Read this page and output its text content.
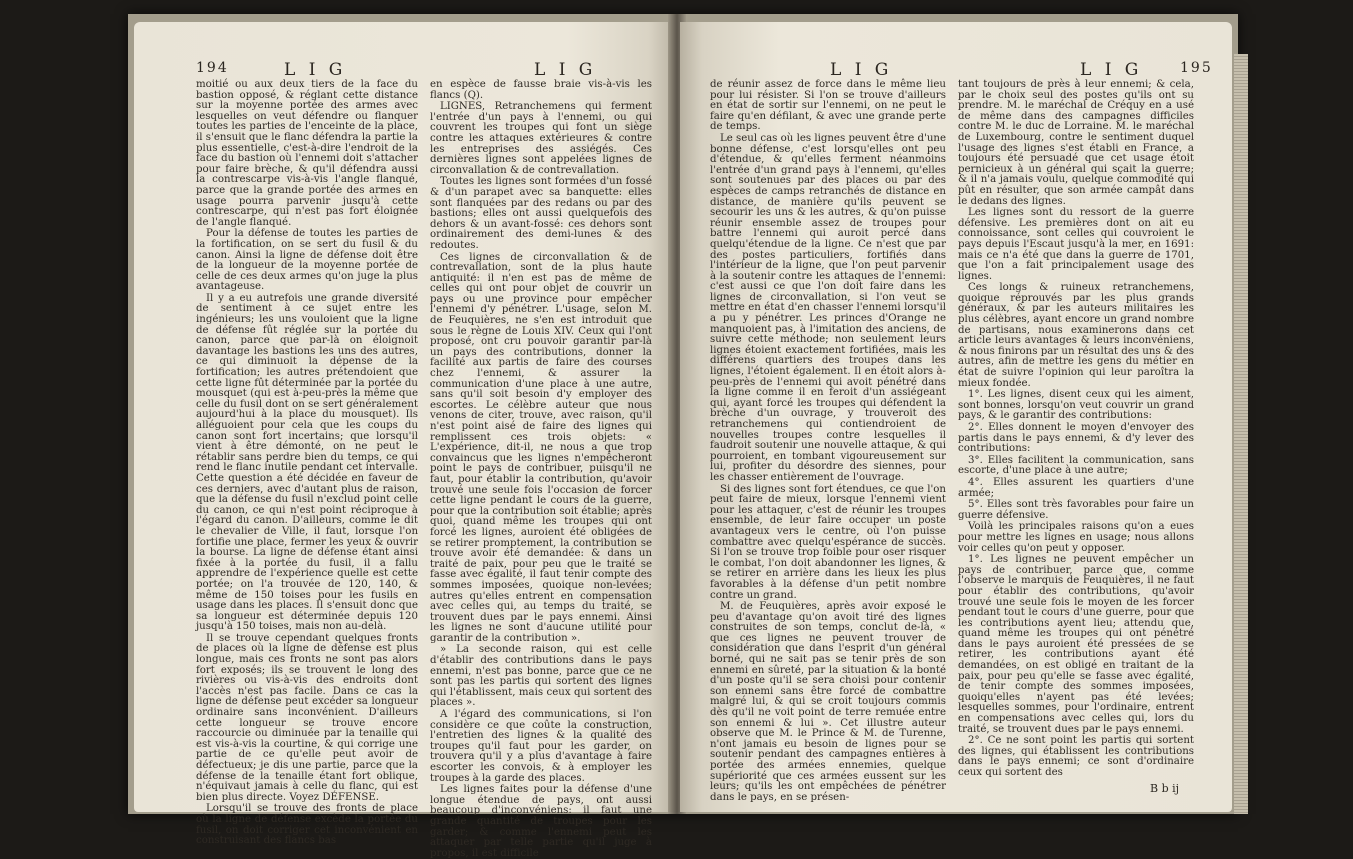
194	L I G	L I G

moitié ou aux deux tiers de la face du bastion opposé, & réglant cette distance sur la moyenne portée des armes avec lesquelles on veut défendre ou flanquer toutes les parties de l'enceinte de la place, il s'ensuit que le flanc défendra la partie la plus essentielle, c'est-à-dire l'endroit de la face du bastion où l'ennemi doit s'attacher pour faire brèche, & qu'il défendra aussi la contrescarpe vis-à-vis l'angle flanqué, parce que la grande portée des armes en usage pourra parvenir jusqu'à cette contrescarpe, qui n'est pas fort éloignée de l'angle flanqué.

Pour la défense de toutes les parties de la fortification, on se sert du fusil & du canon. Ainsi la ligne de défense doit être de la longueur de la moyenne portée de celle de ces deux armes qu'on juge la plus avantageuse.

Il y a eu autrefois une grande diversité de sentiment à ce sujet entre les ingénieurs; les uns vouloient que la ligne de défense fût réglée sur la portée du canon, parce que par-là on éloignoit davantage les bastions les uns des autres, ce qui diminuoit la dépense de la fortification; les autres prétendoient que cette ligne fût déterminée par la portée du mousquet (qui est à-peu-près la même que celle du fusil dont on se sert généralement aujourd'hui à la place du mousquet). Ils alléguoient pour cela que les coups du canon sont fort incertains; que lorsqu'il vient à être démonté, on ne peut le rétablir sans perdre bien du temps, ce qui rend le flanc inutile pendant cet intervalle. Cette question a été décidée en faveur de ces derniers, avec d'autant plus de raison, que la défense du fusil n'exclud point celle du canon, ce qui n'est point réciproque à l'égard du canon. D'ailleurs, comme le dit le chevalier de Ville, il faut, lorsque l'on fortifie une place, fermer les yeux & ouvrir la bourse. La ligne de défense étant ainsi fixée à la portée du fusil, il a fallu apprendre de l'expérience quelle est cette portée; on l'a trouvée de 120, 140, & même de 150 toises pour les fusils en usage dans les places. Il s'ensuit donc que sa longueur est déterminée depuis 120 jusqu'à 150 toises, mais non au-delà.

Il se trouve cependant quelques fronts de places où la ligne de défense est plus longue, mais ces fronts ne sont pas alors fort exposés; ils se trouvent le long des rivières ou vis-à-vis des endroits dont l'accès n'est pas facile. Dans ce cas la ligne de défense peut excéder sa longueur ordinaire sans inconvénient. D'ailleurs cette longueur se trouve encore raccourcie ou diminuée par la tenaille qui est vis-à-vis la courtine, & qui corrige une partie de ce qu'elle peut avoir de défectueux; je dis une partie, parce que la défense de la tenaille étant fort oblique, n'équivaut jamais à celle du flanc, qui est bien plus directe. Voyez DÉFENSE.

Lorsqu'il se trouve des fronts de place où la ligne de défense excède la portée du fusil, on doit corriger cet inconvénient en construisant des flancs bas

en espèce de fausse braie vis-à-vis les flancs (Q).

LIGNES, Retranchemens qui ferment l'entrée d'un pays à l'ennemi, ou qui couvrent les troupes qui font un siège contre les attaques extérieures & contre les entreprises des assiégés. Ces dernières lignes sont appelées lignes de circonvallation & de contrevallation.

Toutes les lignes sont formées d'un fossé & d'un parapet avec sa banquette: elles sont flanquées par des redans ou par des bastions; elles ont aussi quelquefois des dehors & un avant-fossé: ces dehors sont ordinairement des demi-lunes & des redoutes.

Ces lignes de circonvallation & de contrevallation, sont de la plus haute antiquité: il n'en est pas de même de celles qui ont pour objet de couvrir un pays ou une province pour empêcher l'ennemi d'y pénétrer. L'usage, selon M. de Feuquières, ne s'en est introduit que sous le règne de Louis XIV. Ceux qui l'ont proposé, ont cru pouvoir garantir par-là un pays des contributions, donner la facilité aux partis de faire des courses chez l'ennemi, & assurer la communication d'une place à une autre, sans qu'il soit besoin d'y employer des escortes. Le célèbre auteur que nous venons de citer, trouve, avec raison, qu'il n'est point aisé de faire des lignes qui remplissent ces trois objets: « L'expérience, dit-il, ne nous a que trop convaincus que les lignes n'empêcheront point le pays de contribuer, puisqu'il ne faut, pour établir la contribution, qu'avoir trouvé une seule fois l'occasion de forcer cette ligne pendant le cours de la guerre, pour que la contribution soit établie; après quoi, quand même les troupes qui ont forcé les lignes, auroient été obligées de se retirer promptement, la contribution se trouve avoir été demandée: & dans un traité de paix, pour peu que le traité se fasse avec égalité, il faut tenir compte des sommes imposées, quoique non-levées; autres qu'elles entrent en compensation avec celles qui, au temps du traité, se trouvent dues par le pays ennemi. Ainsi les lignes ne sont d'aucune utilité pour garantir de la contribution ».

» La seconde raison, qui est celle d'établir des contributions dans le pays ennemi, n'est pas bonne, parce que ce ne sont pas les partis qui sortent des lignes qui l'établissent, mais ceux qui sortent des places ».

A l'égard des communications, si l'on considère ce que coûte la construction, l'entretien des lignes & la qualité des troupes qu'il faut pour les garder, on trouvera qu'il y a plus d'avantage à faire escorter les convois, & à employer les troupes à la garde des places.

Les lignes faites pour la défense d'une longue étendue de pays, ont aussi beaucoup d'inconvéniens: il faut une grande quantité de troupes pour les garder; & comme l'ennemi peut les attaquer par telle partie qu'il juge à propos, il est difficile

L I G	L I G	195

de réunir assez de force dans le même lieu pour lui résister. Si l'on se trouve d'ailleurs en état de sortir sur l'ennemi, on ne peut le faire qu'en défilant, & avec une grande perte de temps.

Le seul cas où les lignes peuvent être d'une bonne défense, c'est lorsqu'elles ont peu d'étendue, & qu'elles ferment néanmoins l'entrée d'un grand pays à l'ennemi, qu'elles sont soutenues par des places ou par des espèces de camps retranchés de distance en distance, de manière qu'ils peuvent se secourir les uns & les autres, & qu'on puisse réunir ensemble assez de troupes pour battre l'ennemi qui auroit percé dans quelqu'étendue de la ligne. Ce n'est que par des postes particuliers, fortifiés dans l'intérieur de la ligne, que l'on peut parvenir à la soutenir contre les attaques de l'ennemi: c'est aussi ce que l'on doit faire dans les lignes de circonvallation, si l'on veut se mettre en état d'en chasser l'ennemi lorsqu'il a pu y pénétrer. Les princes d'Orange ne manquoient pas, à l'imitation des anciens, de suivre cette méthode; non seulement leurs lignes étoient exactement fortifiées, mais les différens quartiers des troupes dans les lignes, l'étoient également. Il en étoit alors à-peu-près de l'ennemi qui avoit pénétré dans la ligne comme il en feroit d'un assiégeant qui, ayant forcé les troupes qui défendent la brèche d'un ouvrage, y trouveroit des retranchemens qui contiendroient de nouvelles troupes contre lesquelles il faudroit soutenir une nouvelle attaque, & qui pourroient, en tombant vigoureusement sur lui, profiter du désordre des siennes, pour les chasser entièrement de l'ouvrage.

Si des lignes sont fort étendues, ce que l'on peut faire de mieux, lorsque l'ennemi vient pour les attaquer, c'est de réunir les troupes ensemble, de leur faire occuper un poste avantageux vers le centre, où l'on puisse combattre avec quelqu'espérance de succès. Si l'on se trouve trop foible pour oser risquer le combat, l'on doit abandonner les lignes, & se retirer en arrière dans les lieux les plus favorables à la défense d'un petit nombre contre un grand.

M. de Feuquières, après avoir exposé le peu d'avantage qu'on avoit tiré des lignes construites de son temps, conclut de-là, « que ces lignes ne peuvent trouver de considération que dans l'esprit d'un général borné, qui ne sait pas se tenir près de son ennemi en sûreté, par la situation & la bonté d'un poste qu'il se sera choisi pour contenir son ennemi sans être forcé de combattre malgré lui, & qui se croit toujours commis dès qu'il ne voit point de terre remuée entre son ennemi & lui ». Cet illustre auteur observe que M. le Prince & M. de Turenne, n'ont jamais eu besoin de lignes pour se soutenir pendant des campagnes entières à portée des armées ennemies, quelque supériorité que ces armées eussent sur les leurs; qu'ils les ont empêchées de pénétrer dans le pays, en se présen-

tant toujours de près à leur ennemi; & cela, par le choix seul des postes qu'ils ont su prendre. M. le maréchal de Créquy en a usé de même dans des campagnes difficiles contre M. le duc de Lorraine. M. le maréchal de Luxembourg, contre le sentiment duquel l'usage des lignes s'est établi en France, a toujours été persuadé que cet usage étoit pernicieux à un général qui sçait la guerre; & il n'a jamais voulu, quelque commodité qui pût en résulter, que son armée campât dans le dedans des lignes.

Les lignes sont du ressort de la guerre défensive. Les premières dont on ait eu connoissance, sont celles qui couvroient le pays depuis l'Escaut jusqu'à la mer, en 1691: mais ce n'a été que dans la guerre de 1701, que l'on a fait principalement usage des lignes.

Ces longs & ruineux retranchemens, quoique réprouvés par les plus grands généraux, & par les auteurs militaires les plus célèbres, ayant encore un grand nombre de partisans, nous examinerons dans cet article leurs avantages & leurs inconvéniens, & nous finirons par un résultat des uns & des autres, afin de mettre les gens du métier en état de suivre l'opinion qui leur paroîtra la mieux fondée.

1°. Les lignes, disent ceux qui les aiment, sont bonnes, lorsqu'on veut couvrir un grand pays, & le garantir des contributions:

2°. Elles donnent le moyen d'envoyer des partis dans le pays ennemi, & d'y lever des contributions:

3°. Elles facilitent la communication, sans escorte, d'une place à une autre;

4°. Elles assurent les quartiers d'une armée;

5°. Elles sont très favorables pour faire un guerre défensive.

Voilà les principales raisons qu'on a eues pour mettre les lignes en usage; nous allons voir celles qu'on peut y opposer.

1°. Les lignes ne peuvent empêcher un pays de contribuer, parce que, comme l'observe le marquis de Feuquières, il ne faut pour établir des contributions, qu'avoir trouvé une seule fois le moyen de les forcer pendant tout le cours d'une guerre, pour que les contributions ayent lieu; attendu que, quand même les troupes qui ont pénétré dans le pays auroient été pressées de se retirer, les contributions ayant été demandées, on est obligé en traitant de la paix, pour peu qu'elle se fasse avec égalité, de tenir compte des sommes imposées, quoiqu'elles n'ayent pas été levées; lesquelles sommes, pour l'ordinaire, entrent en compensations avec celles qui, lors du traité, se trouvent dues par le pays ennemi.

2°. Ce ne sont point les partis qui sortent des lignes, qui établissent les contributions dans le pays ennemi; ce sont d'ordinaire ceux qui sortent des

B b ij
